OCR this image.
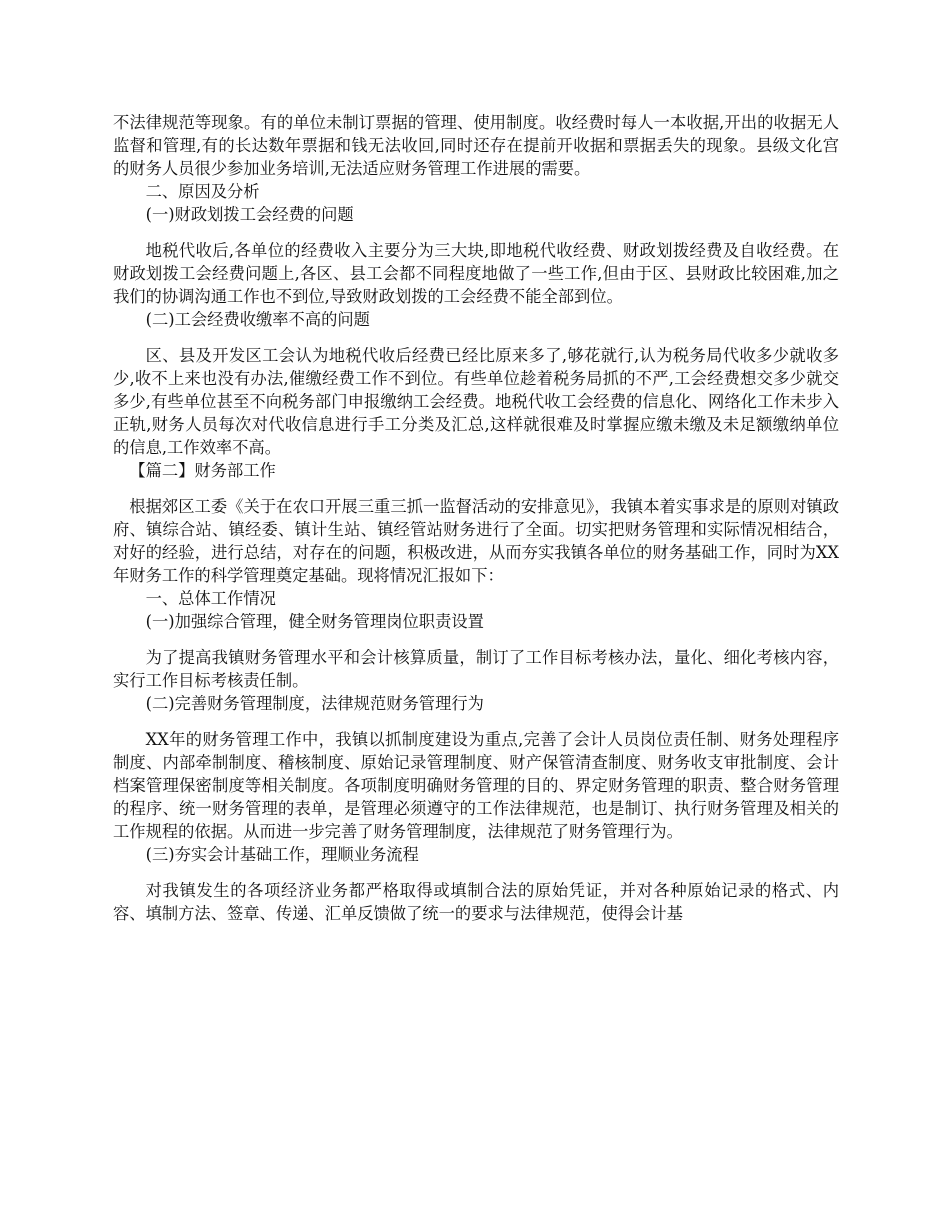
不法律规范等现象。有的单位未制订票据的管理、使用制度。收经费时每人一本收据,开出的收据无人监督和管理,有的长达数年票据和钱无法收回,同时还存在提前开收据和票据丢失的现象。县级文化宫的财务人员很少参加业务培训,无法适应财务管理工作进展的需要。

二、原因及分析

(一)财政划拨工会经费的问题

地税代收后,各单位的经费收入主要分为三大块,即地税代收经费、财政划拨经费及自收经费。在财政划拨工会经费问题上,各区、县工会都不同程度地做了一些工作,但由于区、县财政比较困难,加之我们的协调沟通工作也不到位,导致财政划拨的工会经费不能全部到位。

(二)工会经费收缴率不高的问题

区、县及开发区工会认为地税代收后经费已经比原来多了,够花就行,认为税务局代收多少就收多少,收不上来也没有办法,催缴经费工作不到位。有些单位趁着税务局抓的不严,工会经费想交多少就交多少,有些单位甚至不向税务部门申报缴纳工会经费。地税代收工会经费的信息化、网络化工作未步入正轨,财务人员每次对代收信息进行手工分类及汇总,这样就很难及时掌握应缴未缴及未足额缴纳单位的信息,工作效率不高。

【篇二】财务部工作

根据郊区工委《关于在农口开展三重三抓一监督活动的安排意见》，我镇本着实事求是的原则对镇政府、镇综合站、镇经委、镇计生站、镇经管站财务进行了全面。切实把财务管理和实际情况相结合，对好的经验，进行总结，对存在的问题，积极改进，从而夯实我镇各单位的财务基础工作，同时为XX年财务工作的科学管理奠定基础。现将情况汇报如下：

一、总体工作情况

(一)加强综合管理，健全财务管理岗位职责设置

为了提高我镇财务管理水平和会计核算质量，制订了工作目标考核办法，量化、细化考核内容，实行工作目标考核责任制。

(二)完善财务管理制度，法律规范财务管理行为

XX年的财务管理工作中，我镇以抓制度建设为重点,完善了会计人员岗位责任制、财务处理程序制度、内部牵制制度、稽核制度、原始记录管理制度、财产保管清查制度、财务收支审批制度、会计档案管理保密制度等相关制度。各项制度明确财务管理的目的、界定财务管理的职责、整合财务管理的程序、统一财务管理的表单，是管理必须遵守的工作法律规范，也是制订、执行财务管理及相关的工作规程的依据。从而进一步完善了财务管理制度，法律规范了财务管理行为。

(三)夯实会计基础工作，理顺业务流程

对我镇发生的各项经济业务都严格取得或填制合法的原始凭证，并对各种原始记录的格式、内容、填制方法、签章、传递、汇单反馈做了统一的要求与法律规范，使得会计基
